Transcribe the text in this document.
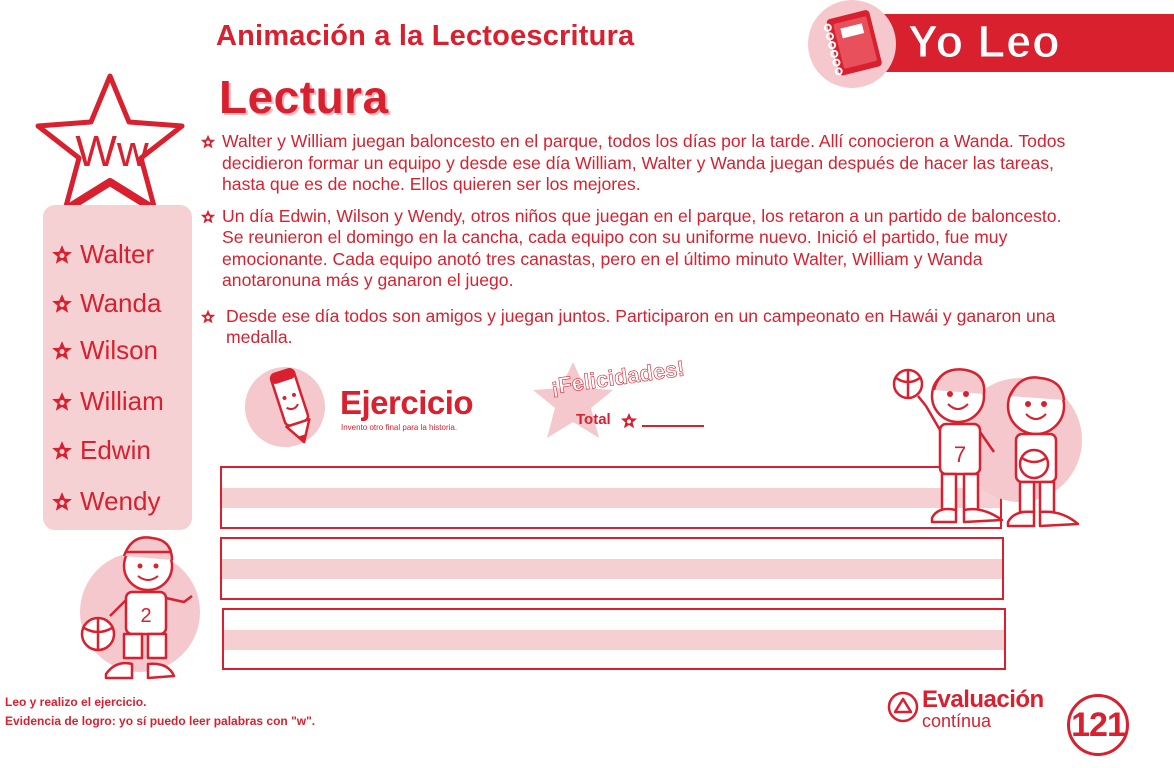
Animación a la Lectoescritura
Lectura
Yo Leo
Ww
Walter
Wanda
Wilson
William
Edwin
Wendy
Walter y William juegan baloncesto en el parque, todos los días por la tarde. Allí conocieron a Wanda. Todos decidieron formar un equipo y desde ese día William, Walter y Wanda juegan después de hacer las tareas, hasta que es de noche. Ellos quieren ser los mejores.
Un día Edwin, Wilson y Wendy, otros niños que juegan en el parque, los retaron a un partido de baloncesto. Se reunieron el domingo en la cancha, cada equipo con su uniforme nuevo. Inició el partido, fue muy emocionante. Cada equipo anotó tres canastas, pero en el último minuto Walter, William y Wanda anotaronuna más y ganaron el juego.
Desde ese día todos son amigos y juegan juntos. Participaron en un campeonato en Hawái y ganaron una medalla.
Ejercicio
Invento otro final para la historia.
¡Felicidades!
Total
7
2
Leo y realizo el ejercicio.
Evidencia de logro: yo sí puedo leer palabras con "w".
Evaluación
contínua 121
